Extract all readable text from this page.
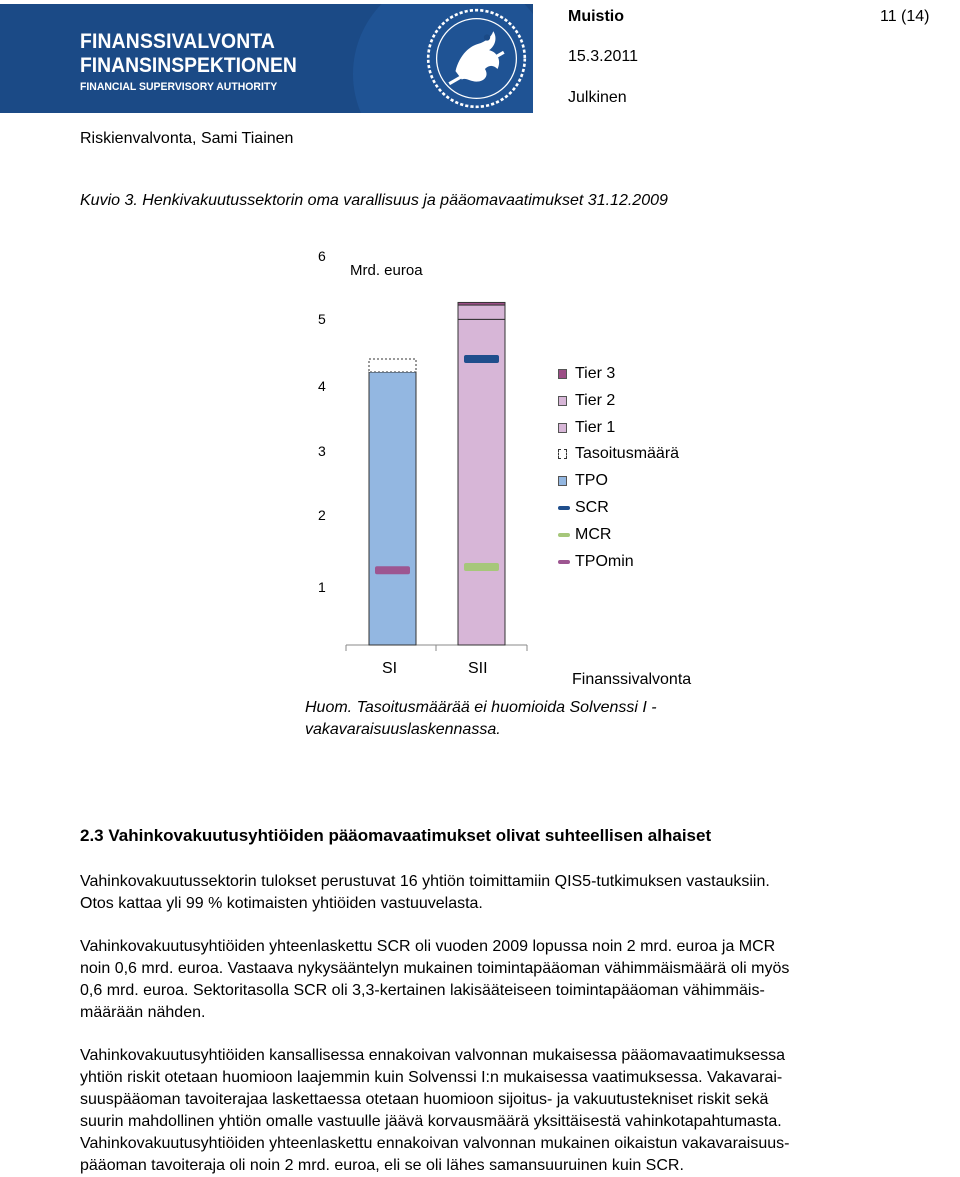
FINANSSIVALVONTA
FINANSINSPEKTIONEN
FINANCIAL SUPERVISORY AUTHORITY
Muistio	11 (14)
15.3.2011
Julkinen
Riskienvalvonta, Sami Tiainen
Kuvio 3. Henkivakuutussektorin oma varallisuus ja pääomavaatimukset 31.12.2009
Mrd. euroa
1
2
3
4
5
6
SI	SII
Tier 3
Tier 2
Tier 1
Tasoitusmäärä
TPO
SCR
MCR
TPOmin
Finanssivalvonta
Huom. Tasoitusmäärää ei huomioida Solvenssi I -
vakavaraisuuslaskennassa.
2.3 Vahinkovakuutusyhtiöiden pääomavaatimukset olivat suhteellisen alhaiset
Vahinkovakuutussektorin tulokset perustuvat 16 yhtiön toimittamiin QIS5-tutkimuksen vastauksiin.
Otos kattaa yli 99 % kotimaisten yhtiöiden vastuuvelasta.
Vahinkovakuutusyhtiöiden yhteenlaskettu SCR oli vuoden 2009 lopussa noin 2 mrd. euroa ja MCR
noin 0,6 mrd. euroa. Vastaava nykysääntelyn mukainen toimintapääoman vähimmäismäärä oli myös
0,6 mrd. euroa. Sektoritasolla SCR oli 3,3-kertainen lakisääteiseen toimintapääoman vähimmäis-
määrään nähden.
Vahinkovakuutusyhtiöiden kansallisessa ennakoivan valvonnan mukaisessa pääomavaatimuksessa
yhtiön riskit otetaan huomioon laajemmin kuin Solvenssi I:n mukaisessa vaatimuksessa. Vakavarai-
suuspääoman tavoiterajaa laskettaessa otetaan huomioon sijoitus- ja vakuutustekniset riskit sekä
suurin mahdollinen yhtiön omalle vastuulle jäävä korvausmäärä yksittäisestä vahinkotapahtumasta.
Vahinkovakuutusyhtiöiden yhteenlaskettu ennakoivan valvonnan mukainen oikaistun vakavaraisuus-
pääoman tavoiteraja oli noin 2 mrd. euroa, eli se oli lähes samansuuruinen kuin SCR.
